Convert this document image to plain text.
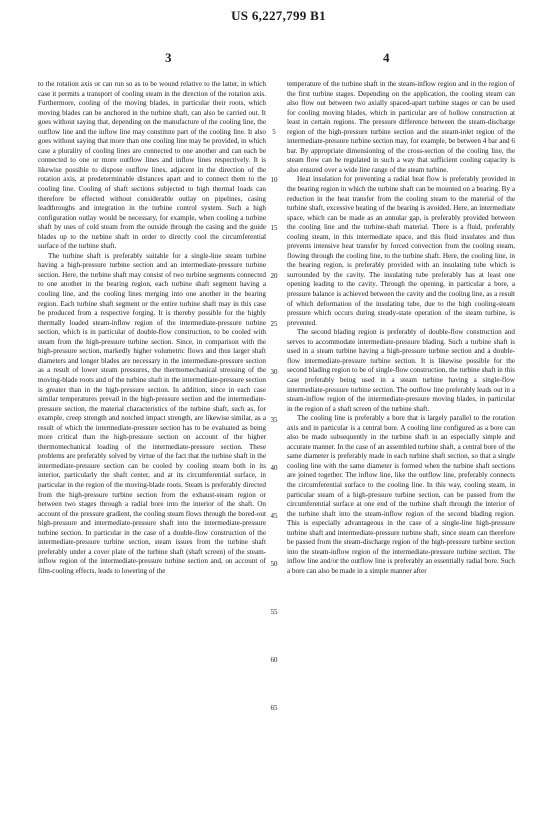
US 6,227,799 B1
3	4

to the rotation axis or can run so as to be wound relative to the latter, in which case it permits a transport of cooling steam in the direction of the rotation axis. Furthermore, cooling of the moving blades, in particular their roots, which moving blades can be anchored in the turbine shaft, can also be carried out. It goes without saying that, depending on the manufacture of the cooling line, the outflow line and the inflow line may constitute part of the cooling line. It also goes without saying that more than one cooling line may be provided, in which case a plurality of cooling lines are connected to one another and can each be connected to one or more outflow lines and inflow lines respectively. It is likewise possible to dispose outflow lines, adjacent in the direction of the rotation axis, at predeterminable distances apart and to connect them to the cooling line. Cooling of shaft sections subjected to high thermal loads can therefore be effected without considerable outlay on pipelines, casing leadthroughs and integration in the turbine control system. Such a high configuration outlay would be necessary, for example, when cooling a turbine shaft by uses of cold steam from the outside through the casing and the guide blades up to the turbine shaft in order to directly cool the circumferential surface of the turbine shaft.

The turbine shaft is preferably suitable for a single-line steam turbine having a high-pressure turbine section and an intermediate-pressure turbine section. Here, the turbine shaft may consist of two turbine segments connected to one another in the bearing region, each turbine shaft segment having a cooling line, and the cooling lines merging into one another in the bearing region. Each turbine shaft segment or the entire turbine shaft may in this case be produced from a respective forging. It is thereby possible for the highly thermally loaded steam-inflow region of the intermediate-pressure turbine section, which is in particular of double-flow construction, to be cooled with steam from the high-pressure turbine section. Since, in comparison with the high-pressure section, markedly higher volumetric flows and thus larger shaft diameters and longer blades are necessary in the intermediate-pressure section as a result of lower steam pressures, the thermomechanical stressing of the moving-blade roots and of the turbine shaft in the intermediate-pressure section is greater than in the high-pressure section. In addition, since in each case similar temperatures prevail in the high-pressure section and the intermediate-pressure section, the material characteristics of the turbine shaft, such as, for example, creep strength and notched impact strength, are likewise similar, as a result of which the intermediate-pressure section has to be evaluated as being more critical than the high-pressure section on account of the higher thermomechanical loading of the intermediate-pressure section. These problems are preferably solved by virtue of the fact that the turbine shaft in the intermediate-pressure section can be cooled by cooling steam both in its interior, particularly the shaft center, and at its circumferential surface, in particular in the region of the moving-blade roots. Steam is preferably directed from the high-pressure turbine section from the exhaust-steam region or between two stages through a radial bore into the interior of the shaft. On account of the pressure gradient, the cooling steam flows through the bored-out high-pressure and intermediate-pressure shaft into the intermediate-pressure turbine section. In particular in the case of a double-flow construction of the intermediate-pressure turbine section, steam issues from the turbine shaft preferably under a cover plate of the turbine shaft (shaft screen) of the steam-inflow region of the intermediate-pressure turbine section and, on account of film-cooling effects, leads to lowering of the

5
10
15
20
25
30
35
40
45
50
55
60
65

temperature of the turbine shaft in the steam-inflow region and in the region of the first turbine stages. Depending on the application, the cooling steam can also flow out between two axially spaced-apart turbine stages or can be used for cooling moving blades, which in particular are of hollow construction at least in certain regions. The pressure difference between the steam-discharge region of the high-pressure turbine section and the steam-inlet region of the intermediate-pressure turbine section may, for example, be between 4 bar and 6 bar. By appropriate dimensioning of the cross-section of the cooling line, the steam flow can be regulated in such a way that sufficient cooling capacity is also ensured over a wide line range of the steam turbine.

Heat insulation for preventing a radial heat flow is preferably provided in the bearing region in which the turbine shaft can be mounted on a bearing. By a reduction in the heat transfer from the cooling steam to the material of the turbine shaft, excessive heating of the bearing is avoided. Here, an intermediate space, which can be made as an annular gap, is preferably provided between the cooling line and the turbine-shaft material. There is a fluid, preferably cooling steam, in this intermediate space, and this fluid insulates and thus prevents intensive heat transfer by forced convection from the cooling steam, flowing through the cooling line, to the turbine shaft. Here, the cooling line, in the bearing region, is preferably provided with an insulating tube which is surrounded by the cavity. The insulating tube preferably has at least one opening leading to the cavity. Through the opening, in particular a bore, a pressure balance is achieved between the cavity and the cooling line, as a result of which deformation of the insulating tube, due to the high cooling-steam pressure which occurs during steady-state operation of the steam turbine, is prevented.

The second blading region is preferably of double-flow construction and serves to accommodate intermediate-pressure blading. Such a turbine shaft is used in a steam turbine having a high-pressure turbine section and a double-flow intermediate-pressure turbine section. It is likewise possible for the second blading region to be of single-flow construction, the turbine shaft in this case preferably being used in a steam turbine having a single-flow intermediate-pressure turbine section. The outflow line preferably leads out in a steam-inflow region of the intermediate-pressure moving blades, in particular in the region of a shaft screen of the turbine shaft.

The cooling line is preferably a bore that is largely parallel to the rotation axis and in particular is a central bore. A cooling line configured as a bore can also be made subsequently in the turbine shaft in an especially simple and accurate manner. In the case of an assembled turbine shaft, a central bore of the same diameter is preferably made in each turbine shaft section, so that a single cooling line with the same diameter is formed when the turbine shaft sections are joined together. The inflow line, like the outflow line, preferably connects the circumferential surface to the cooling line. In this way, cooling steam, in particular steam of a high-pressure turbine section, can be passed from the circumferential surface at one end of the turbine shaft through the interior of the turbine shaft into the steam-inflow region of the second blading region. This is especially advantageous in the case of a single-line high-pressure turbine shaft and intermediate-pressure turbine shaft, since steam can therefore be passed from the steam-discharge region of the high-pressure turbine section into the steam-inflow region of the intermediate-pressure turbine section. The inflow line and/or the outflow line is preferably an essentially radial bore. Such a bore can also be made in a simple manner after
